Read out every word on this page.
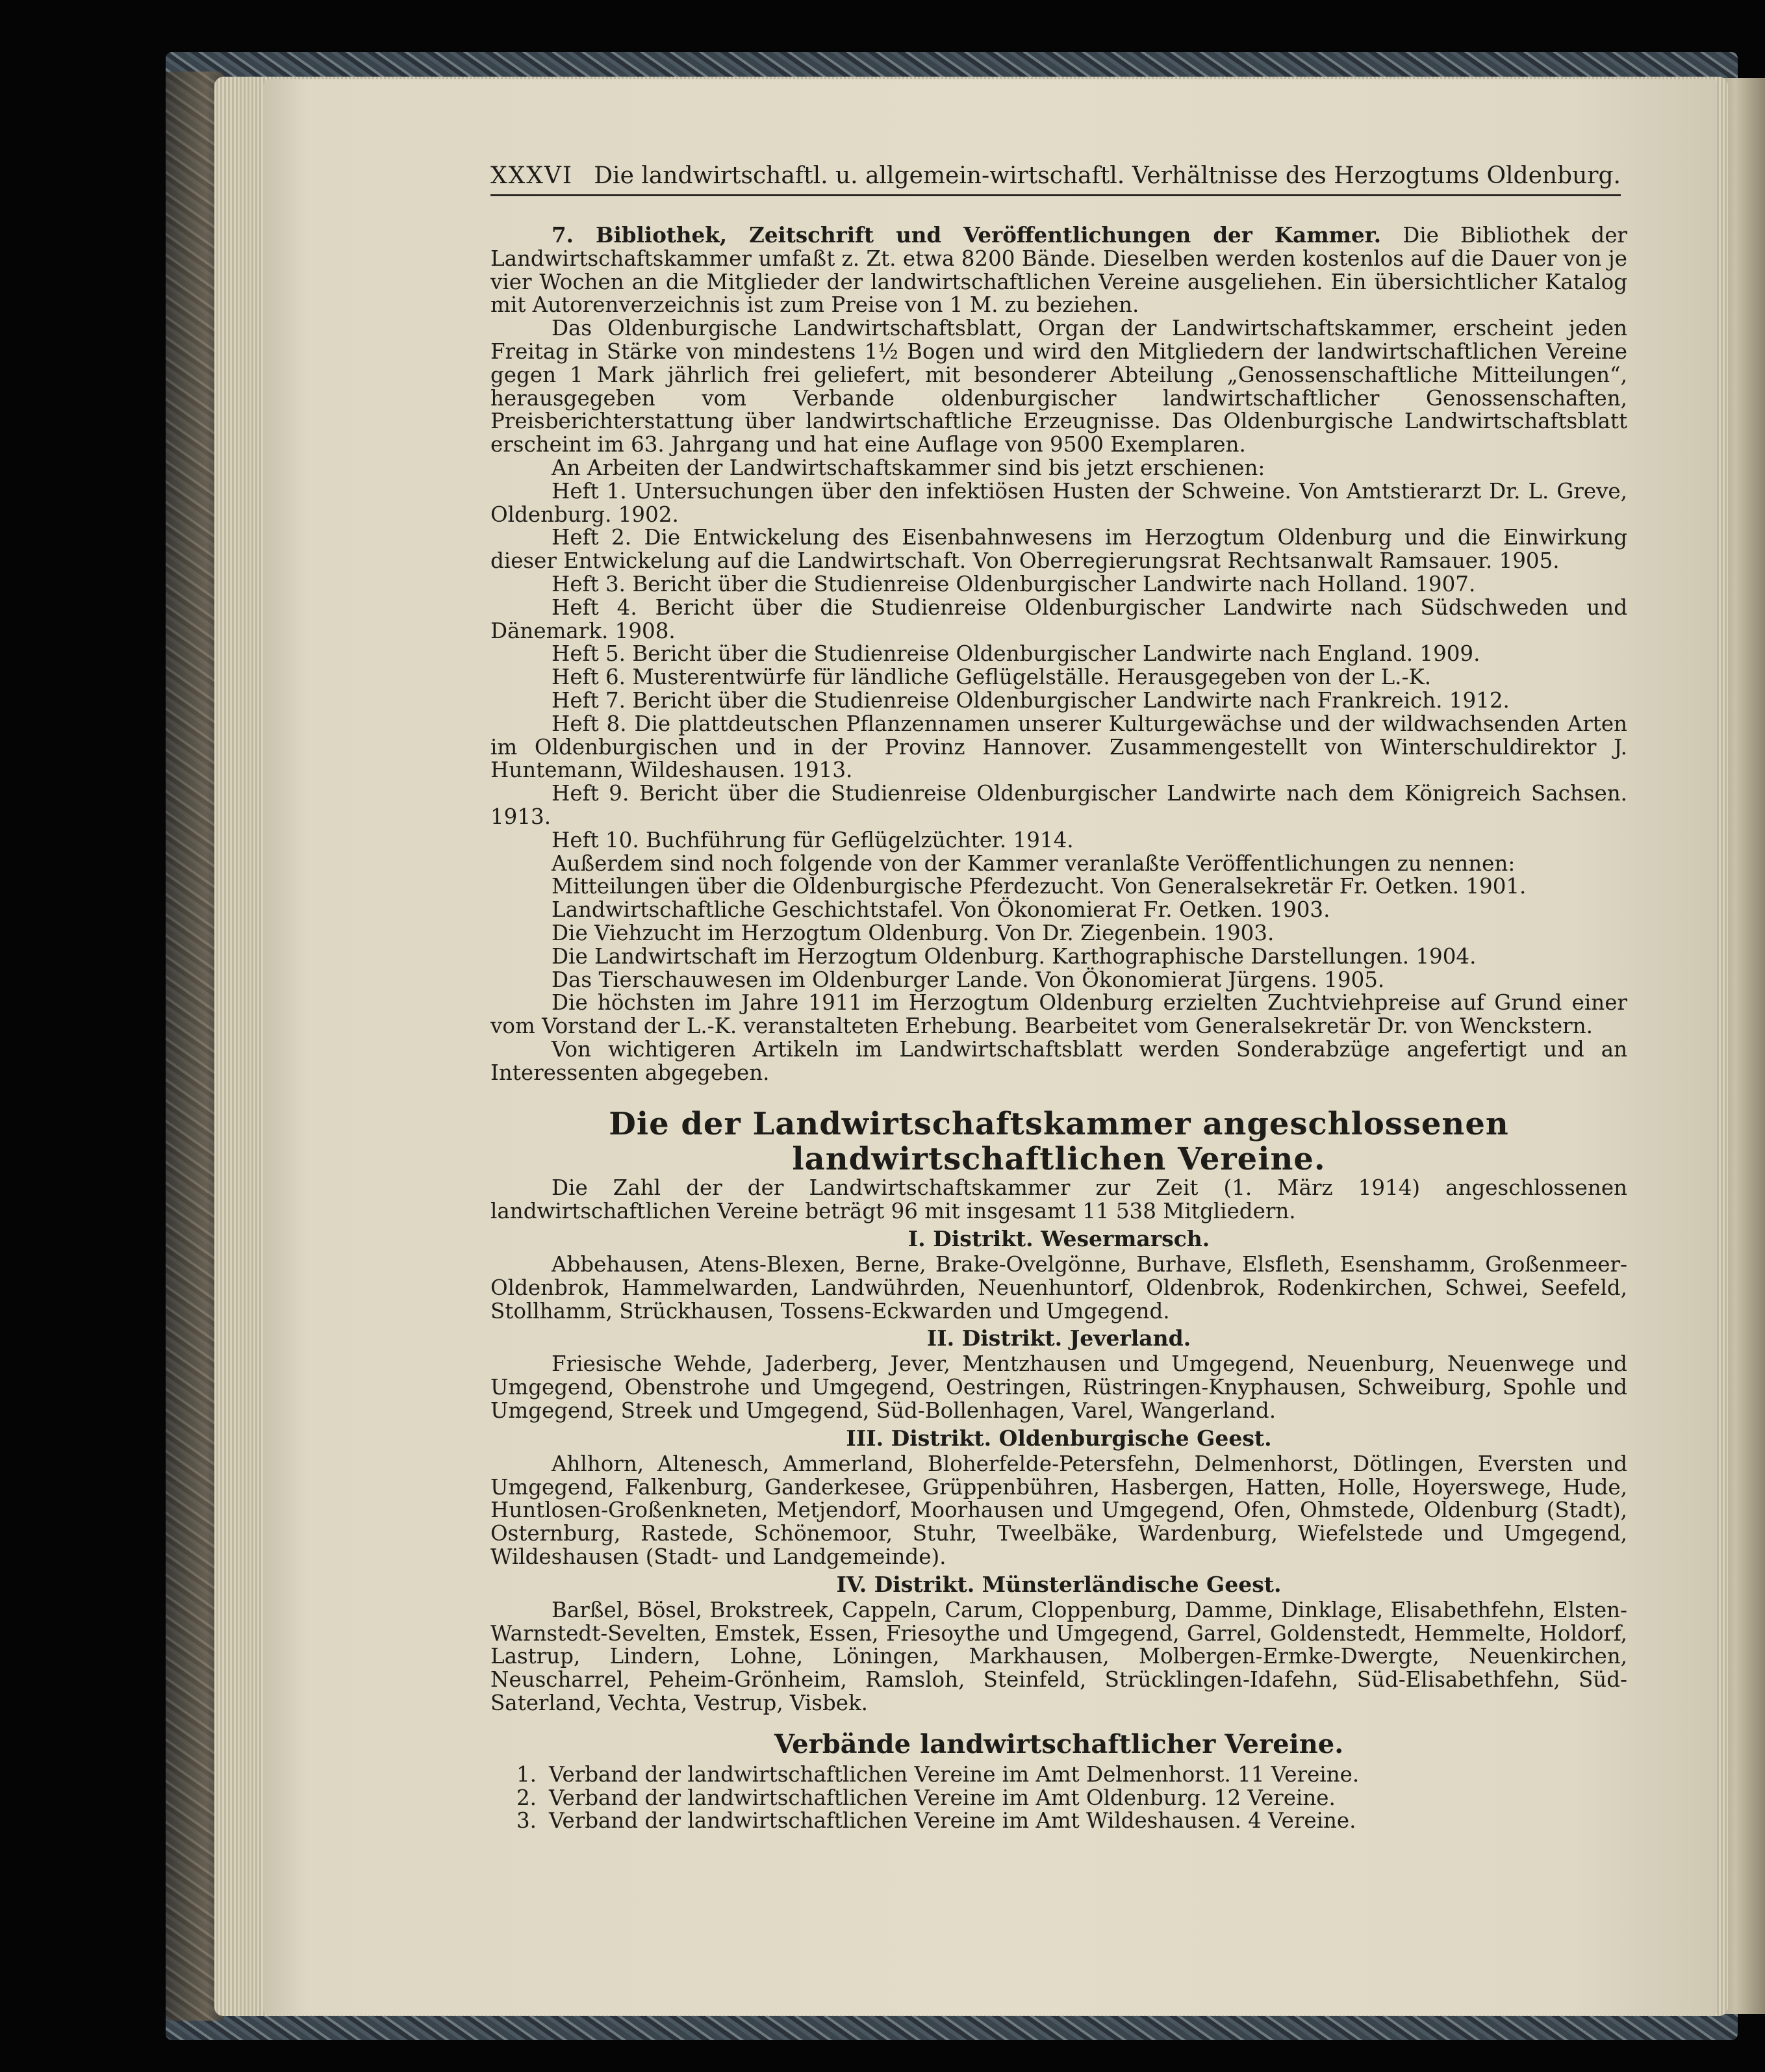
XXXVI Die landwirtschaftl. u. allgemein-wirtschaftl. Verhältnisse des Herzogtums Oldenburg.

7. Bibliothek, Zeitschrift und Veröffentlichungen der Kammer. Die Bibliothek der Landwirtschaftskammer umfaßt z. Zt. etwa 8200 Bände. Dieselben werden kostenlos auf die Dauer von je vier Wochen an die Mitglieder der landwirtschaftlichen Vereine ausgeliehen. Ein übersichtlicher Katalog mit Autorenverzeichnis ist zum Preise von 1 M. zu beziehen.

Das Oldenburgische Landwirtschaftsblatt, Organ der Landwirtschaftskammer, erscheint jeden Freitag in Stärke von mindestens 1½ Bogen und wird den Mitgliedern der landwirtschaftlichen Vereine gegen 1 Mark jährlich frei geliefert, mit besonderer Abteilung „Genossenschaftliche Mitteilungen“, herausgegeben vom Verbande oldenburgischer landwirtschaftlicher Genossenschaften, Preisberichterstattung über landwirtschaftliche Erzeugnisse. Das Oldenburgische Landwirtschaftsblatt erscheint im 63. Jahrgang und hat eine Auflage von 9500 Exemplaren.

An Arbeiten der Landwirtschaftskammer sind bis jetzt erschienen:

Heft 1. Untersuchungen über den infektiösen Husten der Schweine. Von Amtstierarzt Dr. L. Greve, Oldenburg. 1902.

Heft 2. Die Entwickelung des Eisenbahnwesens im Herzogtum Oldenburg und die Einwirkung dieser Entwickelung auf die Landwirtschaft. Von Oberregierungsrat Rechtsanwalt Ramsauer. 1905.

Heft 3. Bericht über die Studienreise Oldenburgischer Landwirte nach Holland. 1907.

Heft 4. Bericht über die Studienreise Oldenburgischer Landwirte nach Südschweden und Dänemark. 1908.

Heft 5. Bericht über die Studienreise Oldenburgischer Landwirte nach England. 1909.

Heft 6. Musterentwürfe für ländliche Geflügelställe. Herausgegeben von der L.-K.

Heft 7. Bericht über die Studienreise Oldenburgischer Landwirte nach Frankreich. 1912.

Heft 8. Die plattdeutschen Pflanzennamen unserer Kulturgewächse und der wildwachsenden Arten im Oldenburgischen und in der Provinz Hannover. Zusammengestellt von Winterschuldirektor J. Huntemann, Wildeshausen. 1913.

Heft 9. Bericht über die Studienreise Oldenburgischer Landwirte nach dem Königreich Sachsen. 1913.

Heft 10. Buchführung für Geflügelzüchter. 1914.

Außerdem sind noch folgende von der Kammer veranlaßte Veröffentlichungen zu nennen:

Mitteilungen über die Oldenburgische Pferdezucht. Von Generalsekretär Fr. Oetken. 1901.

Landwirtschaftliche Geschichtstafel. Von Ökonomierat Fr. Oetken. 1903.

Die Viehzucht im Herzogtum Oldenburg. Von Dr. Ziegenbein. 1903.

Die Landwirtschaft im Herzogtum Oldenburg. Karthographische Darstellungen. 1904.

Das Tierschauwesen im Oldenburger Lande. Von Ökonomierat Jürgens. 1905.

Die höchsten im Jahre 1911 im Herzogtum Oldenburg erzielten Zuchtviehpreise auf Grund einer vom Vorstand der L.-K. veranstalteten Erhebung. Bearbeitet vom Generalsekretär Dr. von Wenckstern.

Von wichtigeren Artikeln im Landwirtschaftsblatt werden Sonderabzüge angefertigt und an Interessenten abgegeben.

Die der Landwirtschaftskammer angeschlossenen landwirtschaftlichen Vereine.

Die Zahl der der Landwirtschaftskammer zur Zeit (1. März 1914) angeschlossenen landwirtschaftlichen Vereine beträgt 96 mit insgesamt 11 538 Mitgliedern.

I. Distrikt. Wesermarsch.

Abbehausen, Atens-Blexen, Berne, Brake-Ovelgönne, Burhave, Elsfleth, Esenshamm, Großenmeer-Oldenbrok, Hammelwarden, Landwührden, Neuenhuntorf, Oldenbrok, Rodenkirchen, Schwei, Seefeld, Stollhamm, Strückhausen, Tossens-Eckwarden und Umgegend.

II. Distrikt. Jeverland.

Friesische Wehde, Jaderberg, Jever, Mentzhausen und Umgegend, Neuenburg, Neuenwege und Umgegend, Obenstrohe und Umgegend, Oestringen, Rüstringen-Knyphausen, Schweiburg, Spohle und Umgegend, Streek und Umgegend, Süd-Bollenhagen, Varel, Wangerland.

III. Distrikt. Oldenburgische Geest.

Ahlhorn, Altenesch, Ammerland, Bloherfelde-Petersfehn, Delmenhorst, Dötlingen, Eversten und Umgegend, Falkenburg, Ganderkesee, Grüppenbühren, Hasbergen, Hatten, Holle, Hoyerswege, Hude, Huntlosen-Großenkneten, Metjendorf, Moorhausen und Umgegend, Ofen, Ohmstede, Oldenburg (Stadt), Osternburg, Rastede, Schönemoor, Stuhr, Tweelbäke, Wardenburg, Wiefelstede und Umgegend, Wildeshausen (Stadt- und Landgemeinde).

IV. Distrikt. Münsterländische Geest.

Barßel, Bösel, Brokstreek, Cappeln, Carum, Cloppenburg, Damme, Dinklage, Elisabethfehn, Elsten-Warnstedt-Sevelten, Emstek, Essen, Friesoythe und Umgegend, Garrel, Goldenstedt, Hemmelte, Holdorf, Lastrup, Lindern, Lohne, Löningen, Markhausen, Molbergen-Ermke-Dwergte, Neuenkirchen, Neuscharrel, Peheim-Grönheim, Ramsloh, Steinfeld, Strücklingen-Idafehn, Süd-Elisabethfehn, Süd-Saterland, Vechta, Vestrup, Visbek.

Verbände landwirtschaftlicher Vereine.
1. Verband der landwirtschaftlichen Vereine im Amt Delmenhorst. 11 Vereine.
2. Verband der landwirtschaftlichen Vereine im Amt Oldenburg. 12 Vereine.
3. Verband der landwirtschaftlichen Vereine im Amt Wildeshausen. 4 Vereine.
